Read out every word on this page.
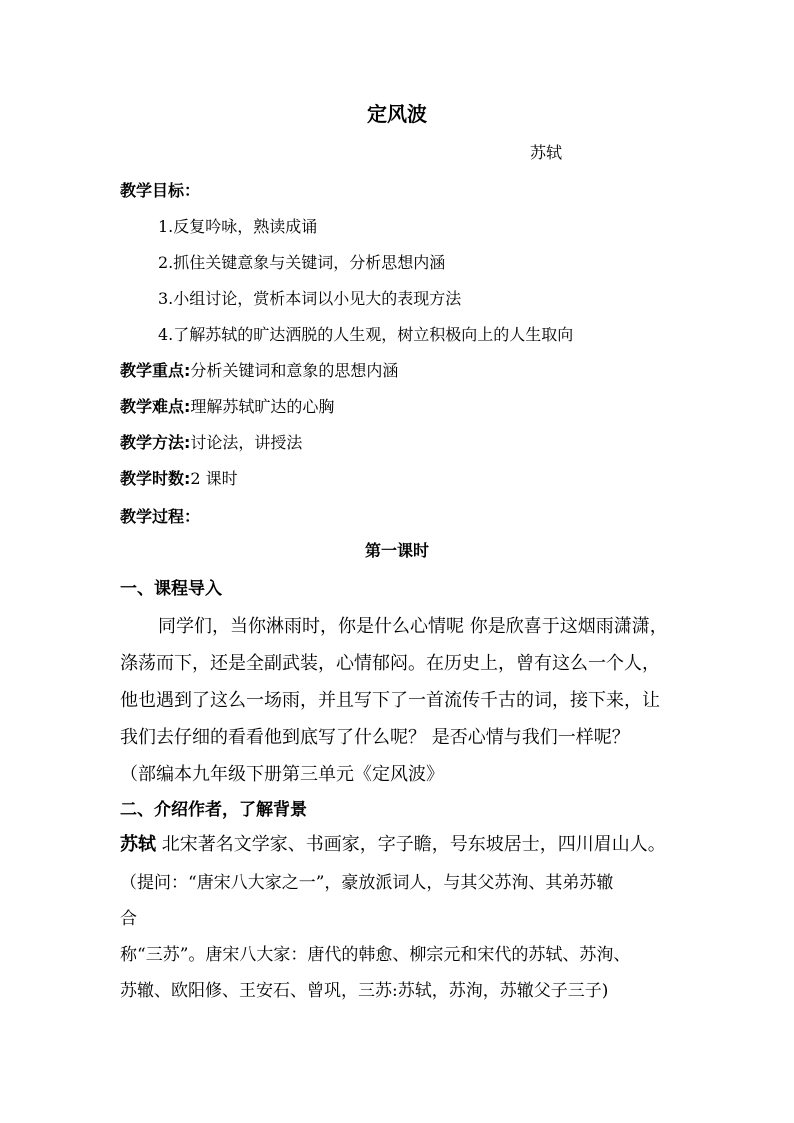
定风波
苏轼
教学目标：
1.反复吟咏，熟读成诵
2.抓住关键意象与关键词，分析思想内涵
3.小组讨论，赏析本词以小见大的表现方法
4.了解苏轼的旷达洒脱的人生观，树立积极向上的人生取向
教学重点:分析关键词和意象的思想内涵
教学难点:理解苏轼旷达的心胸
教学方法:讨论法，讲授法
教学时数:2 课时
教学过程：
第一课时
一、课程导入
同学们，当你淋雨时，你是什么心情呢 你是欣喜于这烟雨潇潇，
涤荡而下，还是全副武装，心情郁闷。在历史上，曾有这么一个人，
他也遇到了这么一场雨，并且写下了一首流传千古的词，接下来，让
我们去仔细的看看他到底写了什么呢？ 是否心情与我们一样呢？
（部编本九年级下册第三单元《定风波》
二、介绍作者，了解背景
苏轼 北宋著名文学家、书画家，字子瞻，号东坡居士，四川眉山人。
（提问：“唐宋八大家之一”，豪放派词人，与其父苏洵、其弟苏辙
合
称“三苏”。唐宋八大家：唐代的韩愈、柳宗元和宋代的苏轼、苏洵、
苏辙、欧阳修、王安石、曾巩，三苏:苏轼，苏洵，苏辙父子三子)
